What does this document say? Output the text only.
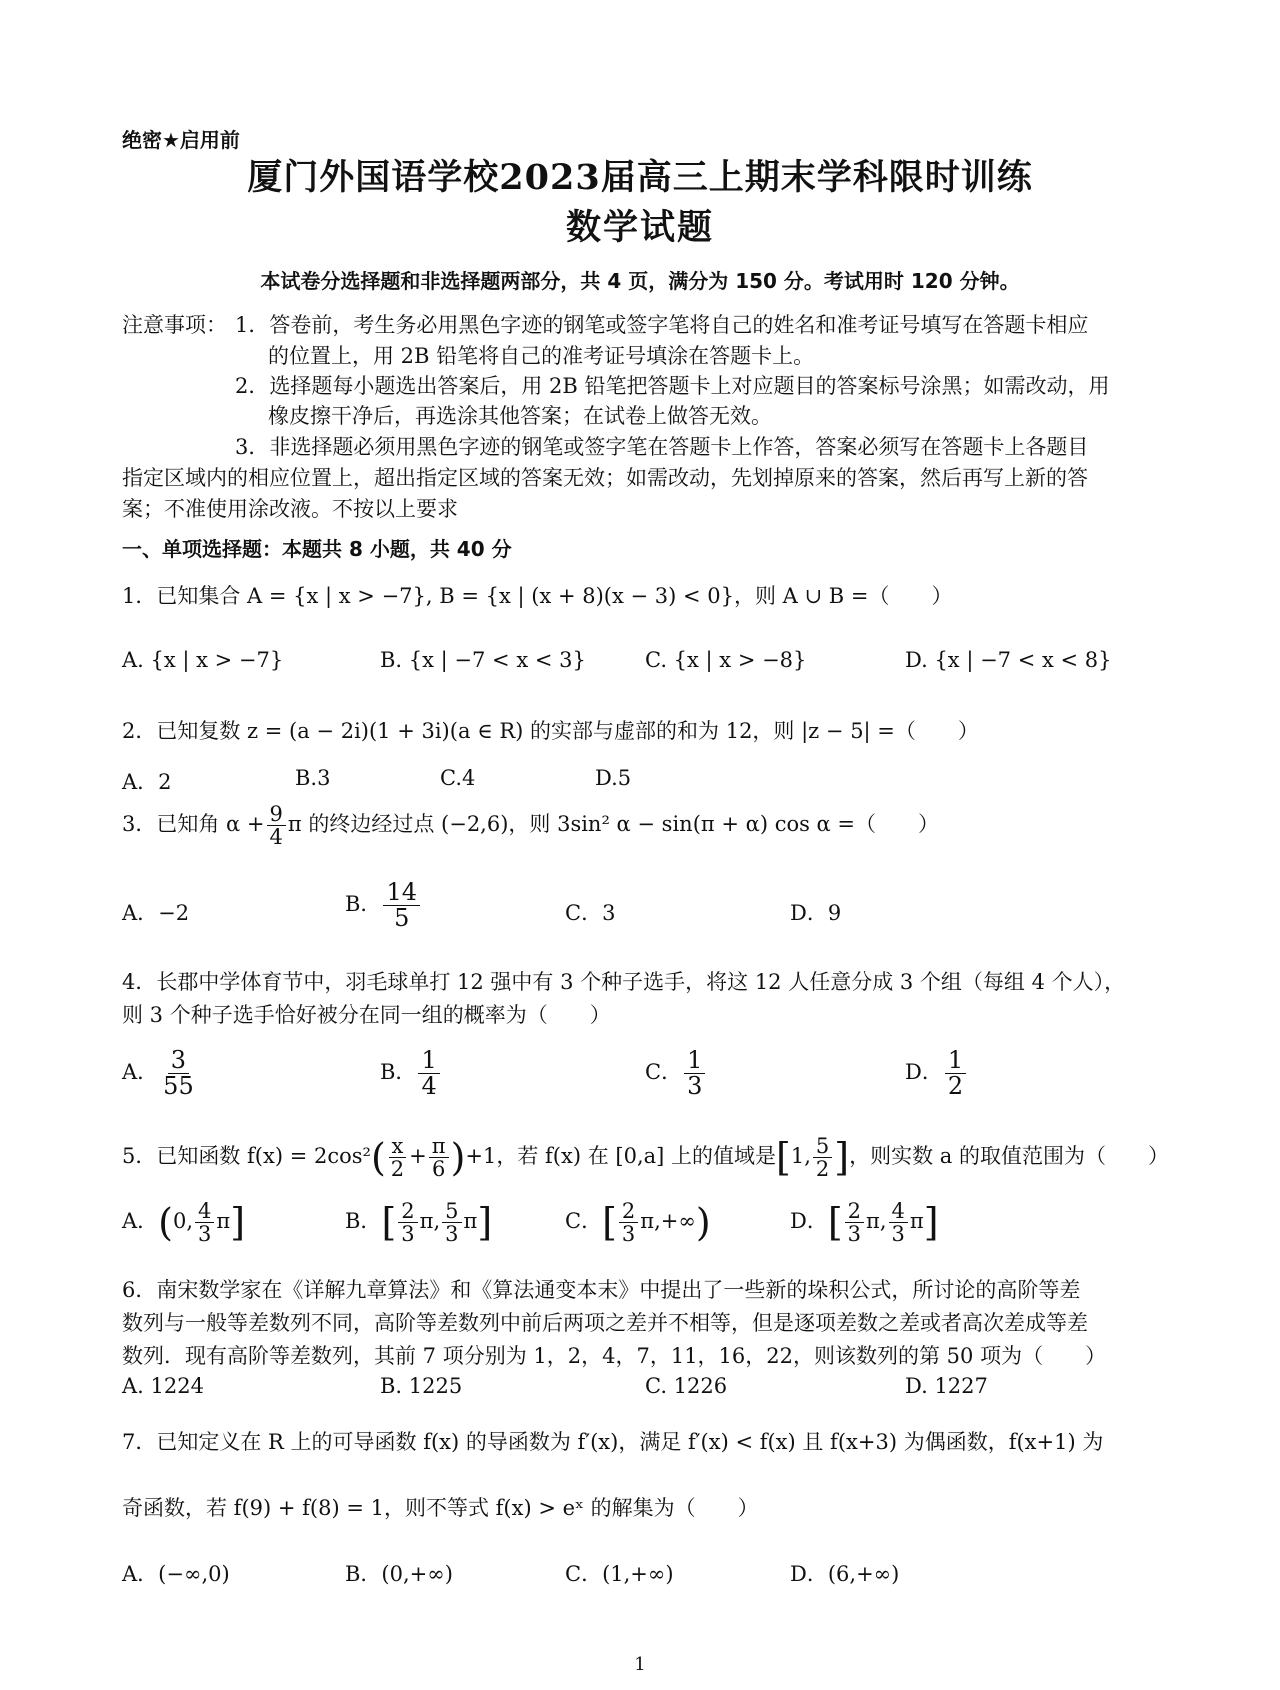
绝密★启用前
厦门外国语学校2023届高三上期末学科限时训练
数学试题
本试卷分选择题和非选择题两部分，共 4 页，满分为 150 分。考试用时 120 分钟。
注意事项： 1．答卷前，考生务必用黑色字迹的钢笔或签字笔将自己的姓名和准考证号填写在答题卡相应
的位置上，用 2B 铅笔将自己的准考证号填涂在答题卡上。
2．选择题每小题选出答案后，用 2B 铅笔把答题卡上对应题目的答案标号涂黑；如需改动，用
橡皮擦干净后，再选涂其他答案；在试卷上做答无效。
3．非选择题必须用黑色字迹的钢笔或签字笔在答题卡上作答，答案必须写在答题卡上各题目
指定区域内的相应位置上，超出指定区域的答案无效；如需改动，先划掉原来的答案，然后再写上新的答
案；不准使用涂改液。不按以上要求
一、单项选择题：本题共 8 小题，共 40 分
1．已知集合 A = {x | x > −7}, B = {x | (x + 8)(x − 3) < 0}，则 A ∪ B =（　　）
A. {x | x > −7}	B. {x | −7 < x < 3}	C. {x | x > −8}	D. {x | −7 < x < 8}
2．已知复数 z = (a − 2i)(1 + 3i)(a ∈ R) 的实部与虚部的和为 12，则 |z − 5| =（　　）
A．2	B.3	C.4	D.5
3．已知角 $\alpha + \frac{9}{4}$ π 的终边经过点 (−2,6)，则 3sin² α − sin(π + α) cos α =（　　）
A．−2	B． $\frac{14}{5}$	C．3	D．9
4．长郡中学体育节中，羽毛球单打 12 强中有 3 个种子选手，将这 12 人任意分成 3 个组（每组 4 个人），
则 3 个种子选手恰好被分在同一组的概率为（　　）
A． $\frac{3}{55}$	B． $\frac{1}{4}$	C． $\frac{1}{3}$	D． $\frac{1}{2}$
5．已知函数 $f(x) = 2\cos^2( \frac{x}{2} + \frac{\pi}{6} )+1$，若 f(x) 在 [0,a] 上的值域是[1, $\frac{5}{2}$ ]，则实数 a 的取值范围为（　　）
A．(0, $\frac{4}{3} \pi$]	B．[ $\frac{2}{3} \pi$, $\frac{5}{3} \pi$]	C．[ $\frac{2}{3} \pi,+\infty$)	D．[ $\frac{2}{3} \pi$, $\frac{4}{3} \pi$]
6．南宋数学家在《详解九章算法》和《算法通变本末》中提出了一些新的垛积公式，所讨论的高阶等差
数列与一般等差数列不同，高阶等差数列中前后两项之差并不相等，但是逐项差数之差或者高次差成等差
数列．现有高阶等差数列，其前 7 项分别为 1，2，4，7，11，16，22，则该数列的第 50 项为（　　）
A. 1224	B. 1225	C. 1226	D. 1227
7．已知定义在 R 上的可导函数 f(x) 的导函数为 f′(x)，满足 f′(x) < f(x) 且 f(x+3) 为偶函数，f(x+1) 为
奇函数，若 f(9) + f(8) = 1，则不等式 f(x) > eˣ 的解集为（　　）
A．(−∞,0)	B．(0,+∞)	C．(1,+∞)	D．(6,+∞)
1
